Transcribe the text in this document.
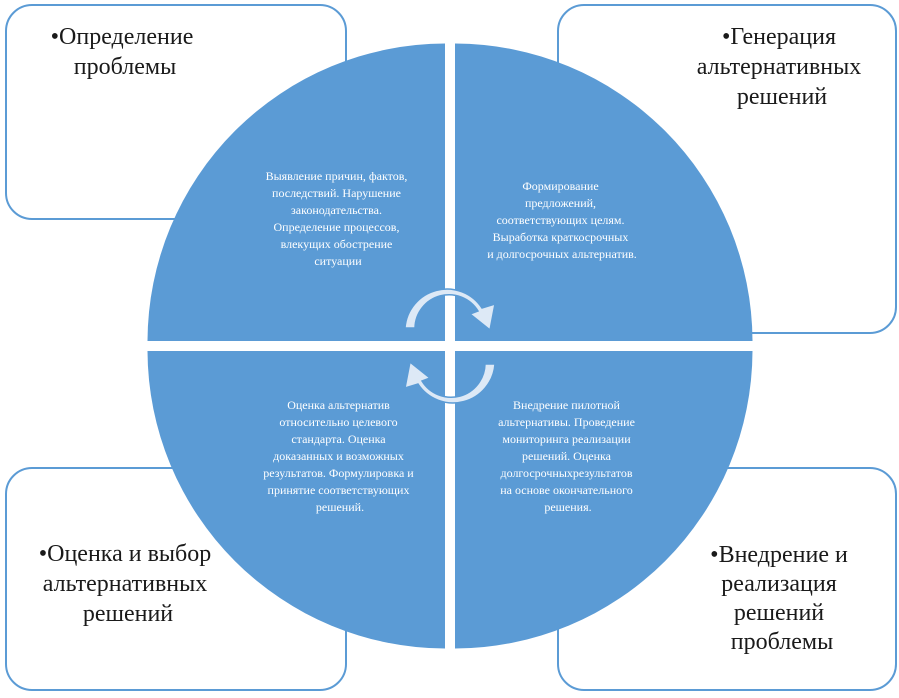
•Определение проблемы
•Генерация альтернативных решений
•Оценка и выбор альтернативных решений
•Внедрение и реализация решений проблемы
Выявление причин, фактов, последствий. Нарушение законодательства. Определение процессов, влекущих обострение ситуации
Формирование предложений, соответствующих целям. Выработка краткосрочных и долгосрочных альтернатив.
Оценка альтернатив относительно целевого стандарта. Оценка доказанных и возможных результатов. Формулировка и принятие соответствующих решений.
Внедрение пилотной альтернативы. Проведение мониторинга реализации решений. Оценка долгосрочныхрезультатов на основе окончательного решения.
